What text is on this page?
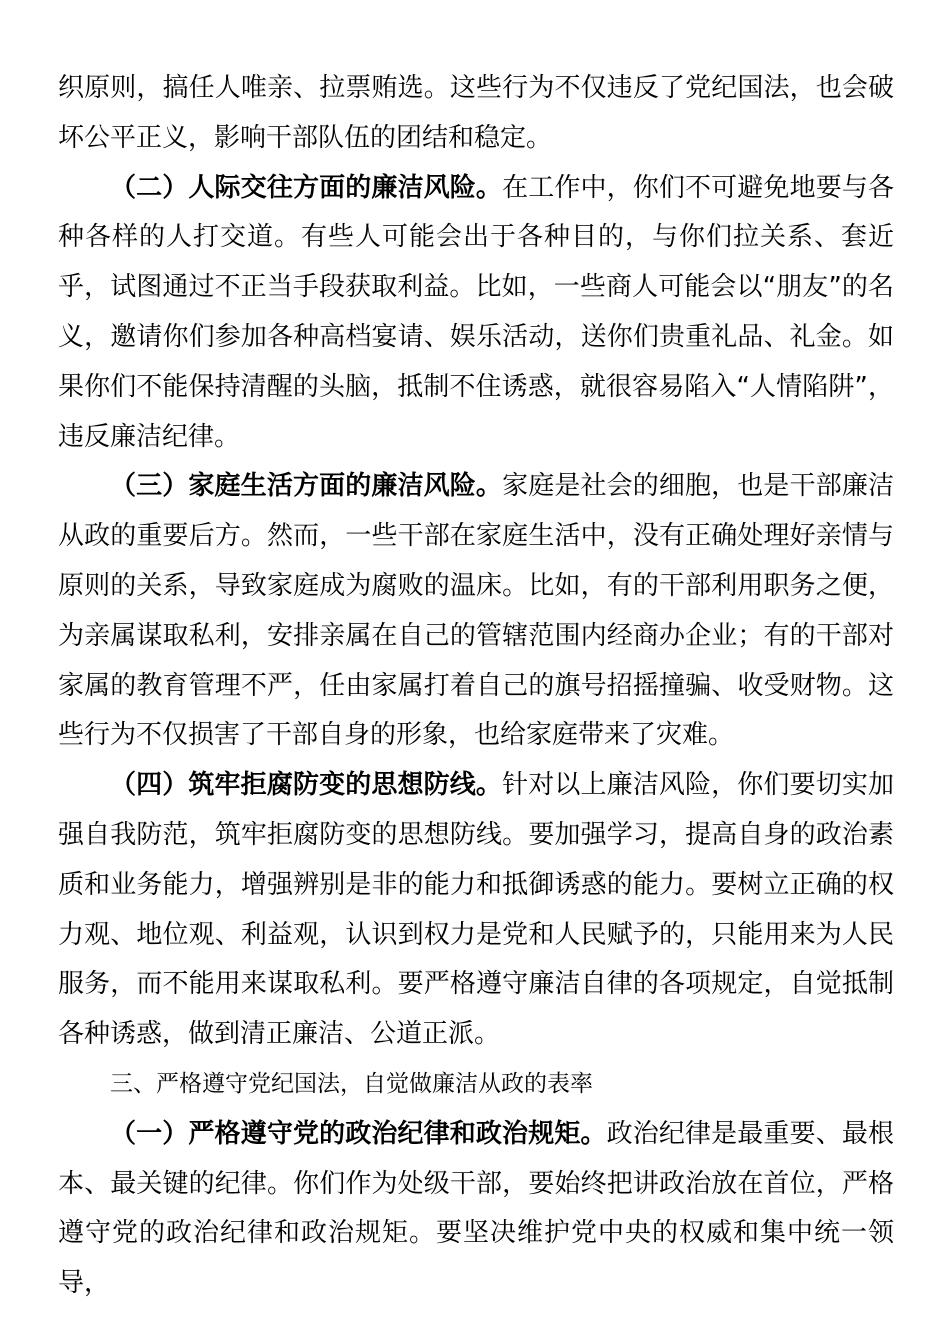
织原则，搞任人唯亲、拉票贿选。这些行为不仅违反了党纪国法，也会破坏公平正义，影响干部队伍的团结和稳定。

（二）人际交往方面的廉洁风险。在工作中，你们不可避免地要与各种各样的人打交道。有些人可能会出于各种目的，与你们拉关系、套近乎，试图通过不正当手段获取利益。比如，一些商人可能会以“朋友”的名义，邀请你们参加各种高档宴请、娱乐活动，送你们贵重礼品、礼金。如果你们不能保持清醒的头脑，抵制不住诱惑，就很容易陷入“人情陷阱”，违反廉洁纪律。

（三）家庭生活方面的廉洁风险。家庭是社会的细胞，也是干部廉洁从政的重要后方。然而，一些干部在家庭生活中，没有正确处理好亲情与原则的关系，导致家庭成为腐败的温床。比如，有的干部利用职务之便，为亲属谋取私利，安排亲属在自己的管辖范围内经商办企业；有的干部对家属的教育管理不严，任由家属打着自己的旗号招摇撞骗、收受财物。这些行为不仅损害了干部自身的形象，也给家庭带来了灾难。

（四）筑牢拒腐防变的思想防线。针对以上廉洁风险，你们要切实加强自我防范，筑牢拒腐防变的思想防线。要加强学习，提高自身的政治素质和业务能力，增强辨别是非的能力和抵御诱惑的能力。要树立正确的权力观、地位观、利益观，认识到权力是党和人民赋予的，只能用来为人民服务，而不能用来谋取私利。要严格遵守廉洁自律的各项规定，自觉抵制各种诱惑，做到清正廉洁、公道正派。

三、严格遵守党纪国法，自觉做廉洁从政的表率

（一）严格遵守党的政治纪律和政治规矩。政治纪律是最重要、最根本、最关键的纪律。你们作为处级干部，要始终把讲政治放在首位，严格遵守党的政治纪律和政治规矩。要坚决维护党中央的权威和集中统一领导，
